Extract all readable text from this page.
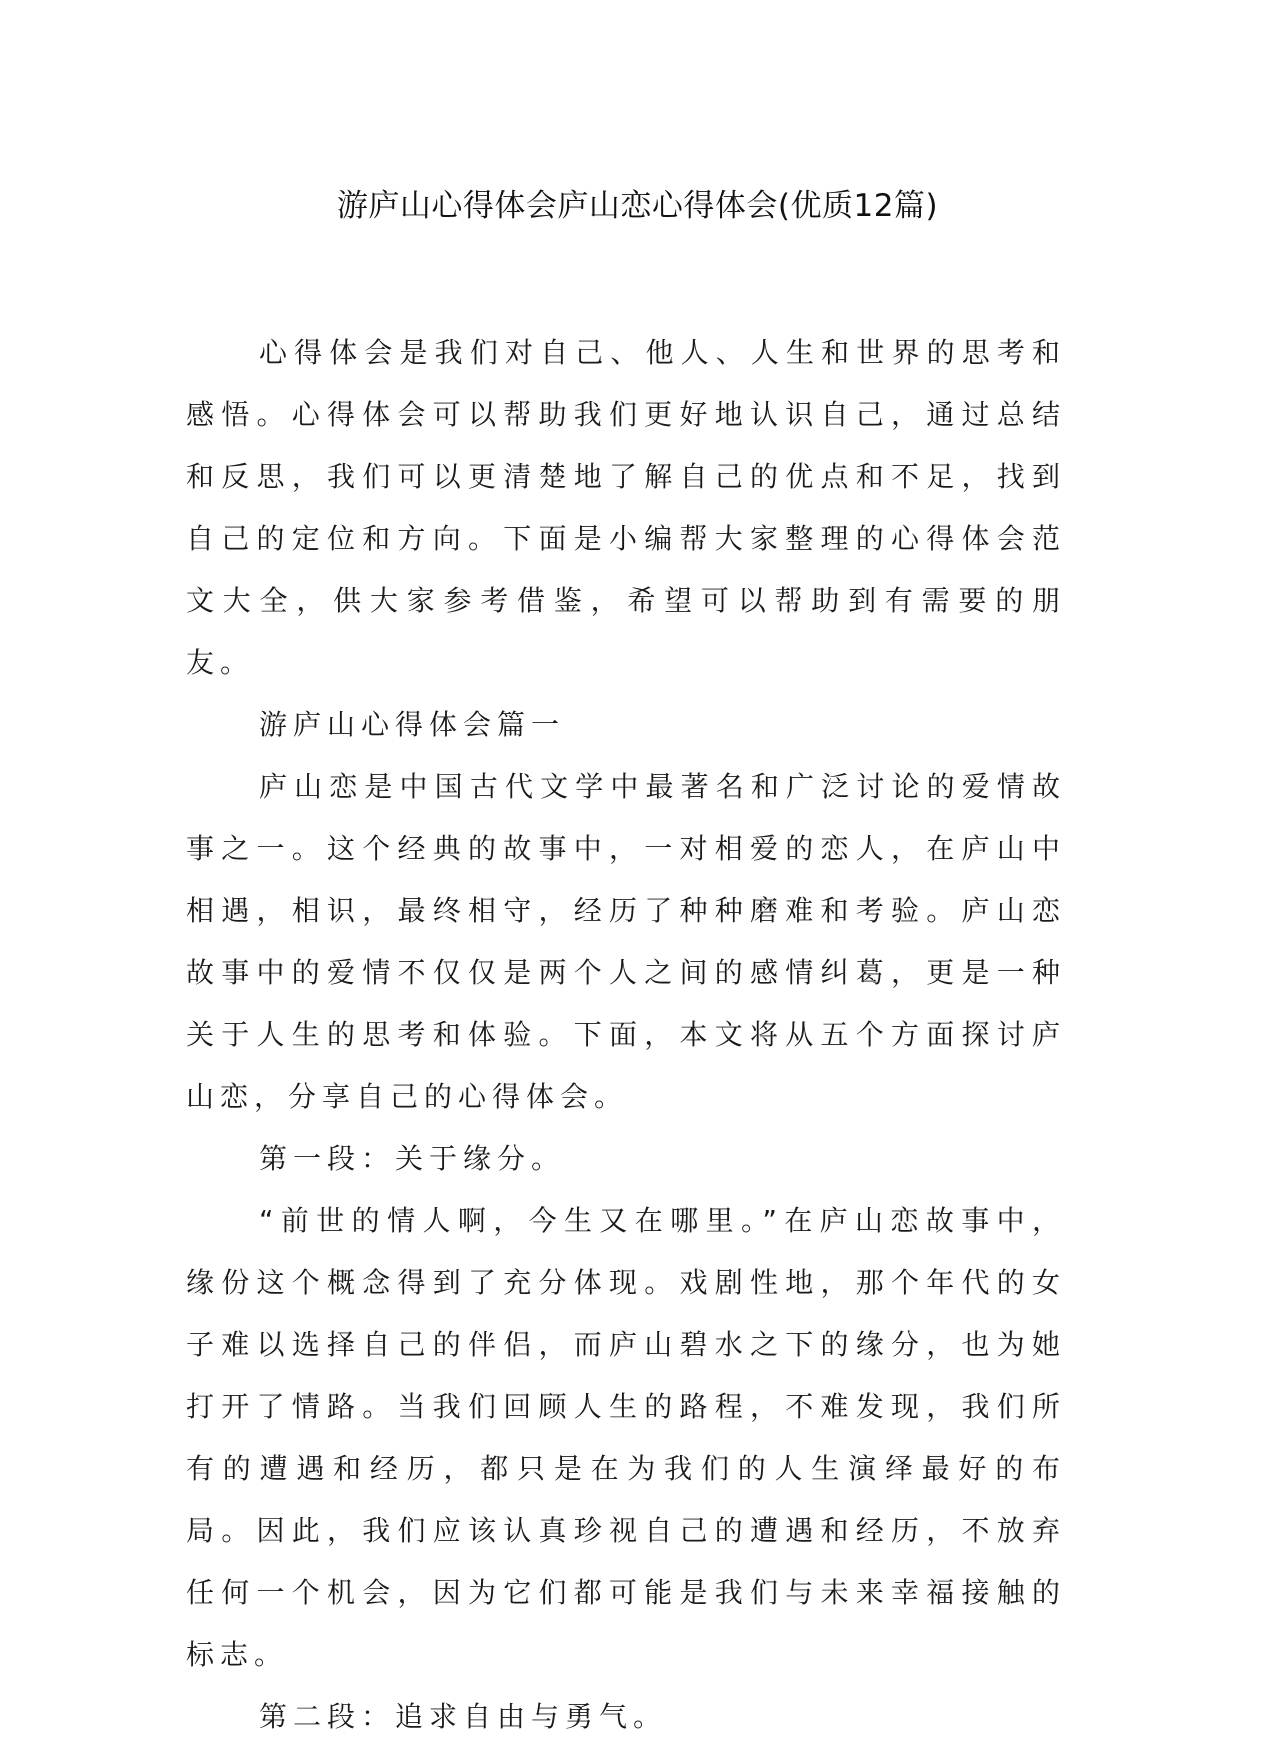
游庐山心得体会庐山恋心得体会(优质12篇)

心得体会是我们对自己、他人、人生和世界的思考和感悟。心得体会可以帮助我们更好地认识自己，通过总结和反思，我们可以更清楚地了解自己的优点和不足，找到自己的定位和方向。下面是小编帮大家整理的心得体会范文大全，供大家参考借鉴，希望可以帮助到有需要的朋友。

游庐山心得体会篇一

庐山恋是中国古代文学中最著名和广泛讨论的爱情故事之一。这个经典的故事中，一对相爱的恋人，在庐山中相遇，相识，最终相守，经历了种种磨难和考验。庐山恋故事中的爱情不仅仅是两个人之间的感情纠葛，更是一种关于人生的思考和体验。下面，本文将从五个方面探讨庐山恋，分享自己的心得体会。

第一段：关于缘分。

“前世的情人啊，今生又在哪里。”在庐山恋故事中，缘份这个概念得到了充分体现。戏剧性地，那个年代的女子难以选择自己的伴侣，而庐山碧水之下的缘分，也为她打开了情路。当我们回顾人生的路程，不难发现，我们所有的遭遇和经历，都只是在为我们的人生演绎最好的布局。因此，我们应该认真珍视自己的遭遇和经历，不放弃任何一个机会，因为它们都可能是我们与未来幸福接触的标志。

第二段：追求自由与勇气。
